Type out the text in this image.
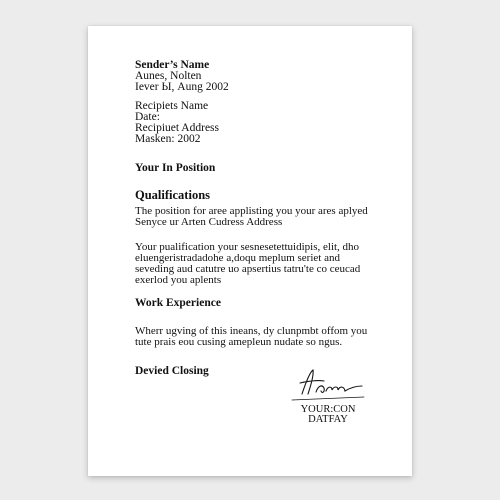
Sender’s Name
Aunes, Nolten
Iever Ы, Aung 2002
Recipiets Name
Date:
Recipiuet Address
Masken: 2002
Your In Position
Qualifications
The position for aree applisting you your ares aplyed
Senyce ur Arten Cudress Address
Your pualification your sesnesetettuidipis, elit, dho
eluengeristradadohe a,doqu meplum seriet and
seveding aud catutre uo apsertius tatru'te co ceucad
exerlod you aplents
Work Experience
Wherr ugving of this ineans, dy clunpmbt offom you
tute prais eou cusing amepleun nudate so ngus.
Devied Closing
YOUR:CON
DATFAY
